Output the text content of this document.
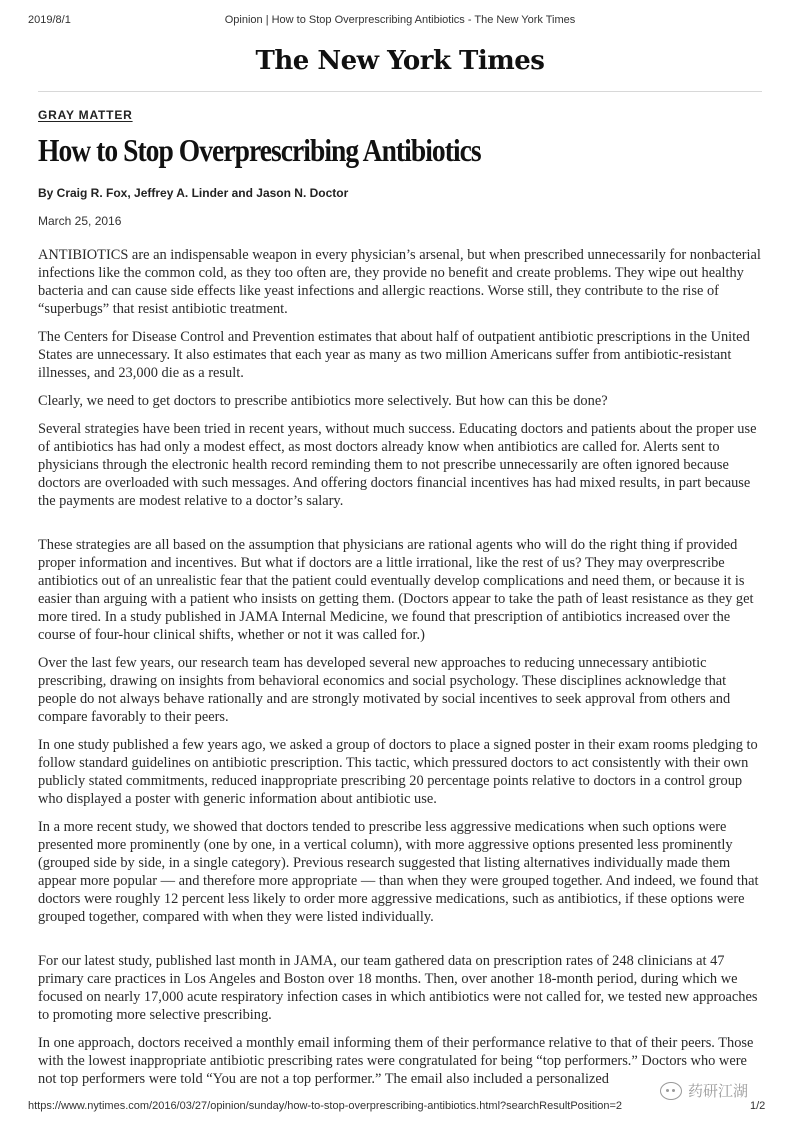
2019/8/1	Opinion | How to Stop Overprescribing Antibiotics - The New York Times
The New York Times
GRAY MATTER
How to Stop Overprescribing Antibiotics
By Craig R. Fox, Jeffrey A. Linder and Jason N. Doctor
March 25, 2016

ANTIBIOTICS are an indispensable weapon in every physician’s arsenal, but when prescribed unnecessarily for nonbacterial infections like the common cold, as they too often are, they provide no benefit and create problems. They wipe out healthy bacteria and can cause side effects like yeast infections and allergic reactions. Worse still, they contribute to the rise of “superbugs” that resist antibiotic treatment.

The Centers for Disease Control and Prevention estimates that about half of outpatient antibiotic prescriptions in the United States are unnecessary. It also estimates that each year as many as two million Americans suffer from antibiotic-resistant illnesses, and 23,000 die as a result.

Clearly, we need to get doctors to prescribe antibiotics more selectively. But how can this be done?

Several strategies have been tried in recent years, without much success. Educating doctors and patients about the proper use of antibiotics has had only a modest effect, as most doctors already know when antibiotics are called for. Alerts sent to physicians through the electronic health record reminding them to not prescribe unnecessarily are often ignored because doctors are overloaded with such messages. And offering doctors financial incentives has had mixed results, in part because the payments are modest relative to a doctor’s salary.

These strategies are all based on the assumption that physicians are rational agents who will do the right thing if provided proper information and incentives. But what if doctors are a little irrational, like the rest of us? They may overprescribe antibiotics out of an unrealistic fear that the patient could eventually develop complications and need them, or because it is easier than arguing with a patient who insists on getting them. (Doctors appear to take the path of least resistance as they get more tired. In a study published in JAMA Internal Medicine, we found that prescription of antibiotics increased over the course of four-hour clinical shifts, whether or not it was called for.)

Over the last few years, our research team has developed several new approaches to reducing unnecessary antibiotic prescribing, drawing on insights from behavioral economics and social psychology. These disciplines acknowledge that people do not always behave rationally and are strongly motivated by social incentives to seek approval from others and compare favorably to their peers.

In one study published a few years ago, we asked a group of doctors to place a signed poster in their exam rooms pledging to follow standard guidelines on antibiotic prescription. This tactic, which pressured doctors to act consistently with their own publicly stated commitments, reduced inappropriate prescribing 20 percentage points relative to doctors in a control group who displayed a poster with generic information about antibiotic use.

In a more recent study, we showed that doctors tended to prescribe less aggressive medications when such options were presented more prominently (one by one, in a vertical column), with more aggressive options presented less prominently (grouped side by side, in a single category). Previous research suggested that listing alternatives individually made them appear more popular — and therefore more appropriate — than when they were grouped together. And indeed, we found that doctors were roughly 12 percent less likely to order more aggressive medications, such as antibiotics, if these options were grouped together, compared with when they were listed individually.

For our latest study, published last month in JAMA, our team gathered data on prescription rates of 248 clinicians at 47 primary care practices in Los Angeles and Boston over 18 months. Then, over another 18-month period, during which we focused on nearly 17,000 acute respiratory infection cases in which antibiotics were not called for, we tested new approaches to promoting more selective prescribing.

In one approach, doctors received a monthly email informing them of their performance relative to that of their peers. Those with the lowest inappropriate antibiotic prescribing rates were congratulated for being “top performers.” Doctors who were not top performers were told “You are not a top performer.” The email also included a personalized

药研江湖
https://www.nytimes.com/2016/03/27/opinion/sunday/how-to-stop-overprescribing-antibiotics.html?searchResultPosition=2	1/2
